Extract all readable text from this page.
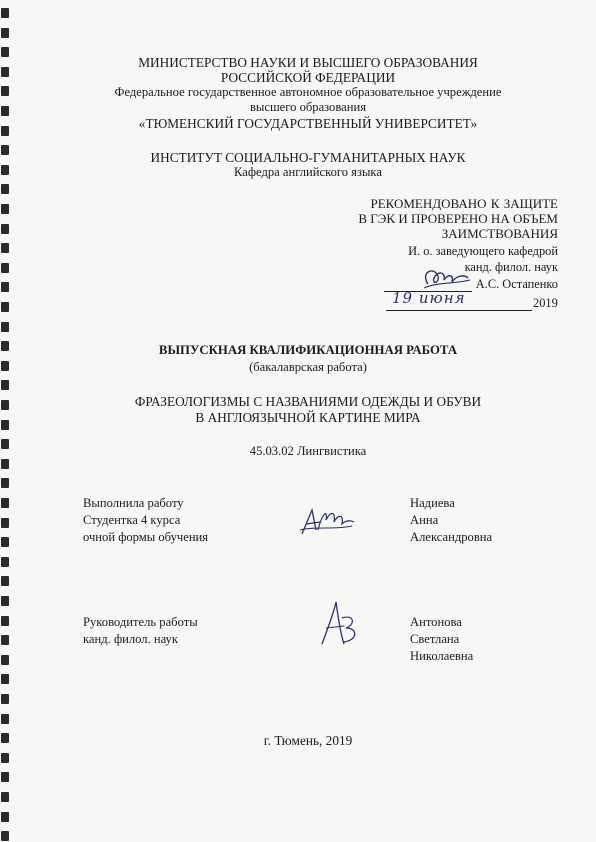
МИНИСТЕРСТВО НАУКИ И ВЫСШЕГО ОБРАЗОВАНИЯ
РОССИЙСКОЙ ФЕДЕРАЦИИ
Федеральное государственное автономное образовательное учреждение
высшего образования
«ТЮМЕНСКИЙ ГОСУДАРСТВЕННЫЙ УНИВЕРСИТЕТ»
ИНСТИТУТ СОЦИАЛЬНО-ГУМАНИТАРНЫХ НАУК
Кафедра английского языка
РЕКОМЕНДОВАНО К ЗАЩИТЕ
В ГЭК И ПРОВЕРЕНО НА ОБЪЕМ
ЗАИМСТВОВАНИЯ
И. о. заведующего кафедрой
канд. филол. наук
А.С. Остапенко
19 июня	2019
ВЫПУСКНАЯ КВАЛИФИКАЦИОННАЯ РАБОТА
(бакалаврская работа)
ФРАЗЕОЛОГИЗМЫ С НАЗВАНИЯМИ ОДЕЖДЫ И ОБУВИ
В АНГЛОЯЗЫЧНОЙ КАРТИНЕ МИРА
45.03.02 Лингвистика
Выполнила работу
Студентка 4 курса
очной формы обучения
Надиева
Анна
Александровна
Руководитель работы
канд. филол. наук
Антонова
Светлана
Николаевна
г. Тюмень, 2019
